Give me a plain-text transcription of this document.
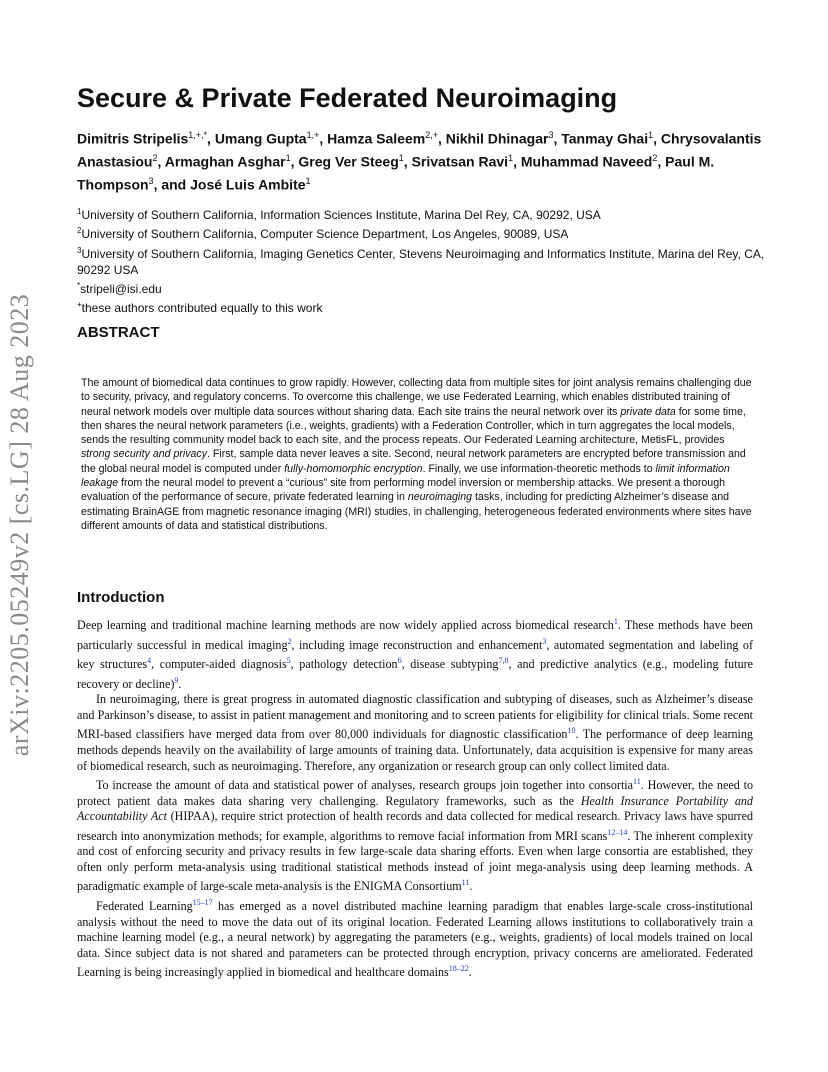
arXiv:2205.05249v2 [cs.LG] 28 Aug 2023
Secure & Private Federated Neuroimaging
Dimitris Stripelis$^{1,+,*}$, Umang Gupta$^{1,+}$, Hamza Saleem$^{2,+}$, Nikhil Dhinagar$^3$, Tanmay Ghai$^1$, Chrysovalantis Anastasiou$^2$, Armaghan Asghar$^1$, Greg Ver Steeg$^1$, Srivatsan Ravi$^1$, Muhammad Naveed$^2$, Paul M. Thompson$^3$, and José Luis Ambite$^1$
$^1$University of Southern California, Information Sciences Institute, Marina Del Rey, CA, 90292, USA
$^2$University of Southern California, Computer Science Department, Los Angeles, 90089, USA
$^3$University of Southern California, Imaging Genetics Center, Stevens Neuroimaging and Informatics Institute, Marina del Rey, CA, 90292 USA
*stripeli@isi.edu
+these authors contributed equally to this work
ABSTRACT

The amount of biomedical data continues to grow rapidly. However, collecting data from multiple sites for joint analysis remains challenging due to security, privacy, and regulatory concerns. To overcome this challenge, we use Federated Learning, which enables distributed training of neural network models over multiple data sources without sharing data. Each site trains the neural network over its private data for some time, then shares the neural network parameters (i.e., weights, gradients) with a Federation Controller, which in turn aggregates the local models, sends the resulting community model back to each site, and the process repeats. Our Federated Learning architecture, MetisFL, provides strong security and privacy. First, sample data never leaves a site. Second, neural network parameters are encrypted before transmission and the global neural model is computed under fully-homomorphic encryption. Finally, we use information-theoretic methods to limit information leakage from the neural model to prevent a “curious” site from performing model inversion or membership attacks. We present a thorough evaluation of the performance of secure, private federated learning in neuroimaging tasks, including for predicting Alzheimer’s disease and estimating BrainAGE from magnetic resonance imaging (MRI) studies, in challenging, heterogeneous federated environments where sites have different amounts of data and statistical distributions.

Introduction

Deep learning and traditional machine learning methods are now widely applied across biomedical research$^1$. These methods have been particularly successful in medical imaging$^2$, including image reconstruction and enhancement$^3$, automated segmentation and labeling of key structures$^4$, computer-aided diagnosis$^5$, pathology detection$^6$, disease subtyping$^{7,8}$, and predictive analytics (e.g., modeling future recovery or decline)$^9$.

In neuroimaging, there is great progress in automated diagnostic classification and subtyping of diseases, such as Alzheimer’s disease and Parkinson’s disease, to assist in patient management and monitoring and to screen patients for eligibility for clinical trials. Some recent MRI-based classifiers have merged data from over 80,000 individuals for diagnostic classification$^{10}$. The performance of deep learning methods depends heavily on the availability of large amounts of training data. Unfortunately, data acquisition is expensive for many areas of biomedical research, such as neuroimaging. Therefore, any organization or research group can only collect limited data.

To increase the amount of data and statistical power of analyses, research groups join together into consortia$^{11}$. However, the need to protect patient data makes data sharing very challenging. Regulatory frameworks, such as the Health Insurance Portability and Accountability Act (HIPAA), require strict protection of health records and data collected for medical research. Privacy laws have spurred research into anonymization methods; for example, algorithms to remove facial information from MRI scans$^{12-14}$. The inherent complexity and cost of enforcing security and privacy results in few large-scale data sharing efforts. Even when large consortia are established, they often only perform meta-analysis using traditional statistical methods instead of joint mega-analysis using deep learning methods. A paradigmatic example of large-scale meta-analysis is the ENIGMA Consortium$^{11}$.

Federated Learning$^{15-17}$ has emerged as a novel distributed machine learning paradigm that enables large-scale cross-institutional analysis without the need to move the data out of its original location. Federated Learning allows institutions to collaboratively train a machine learning model (e.g., a neural network) by aggregating the parameters (e.g., weights, gradients) of local models trained on local data. Since subject data is not shared and parameters can be protected through encryption, privacy concerns are ameliorated. Federated Learning is being increasingly applied in biomedical and healthcare domains$^{18-22}$.
